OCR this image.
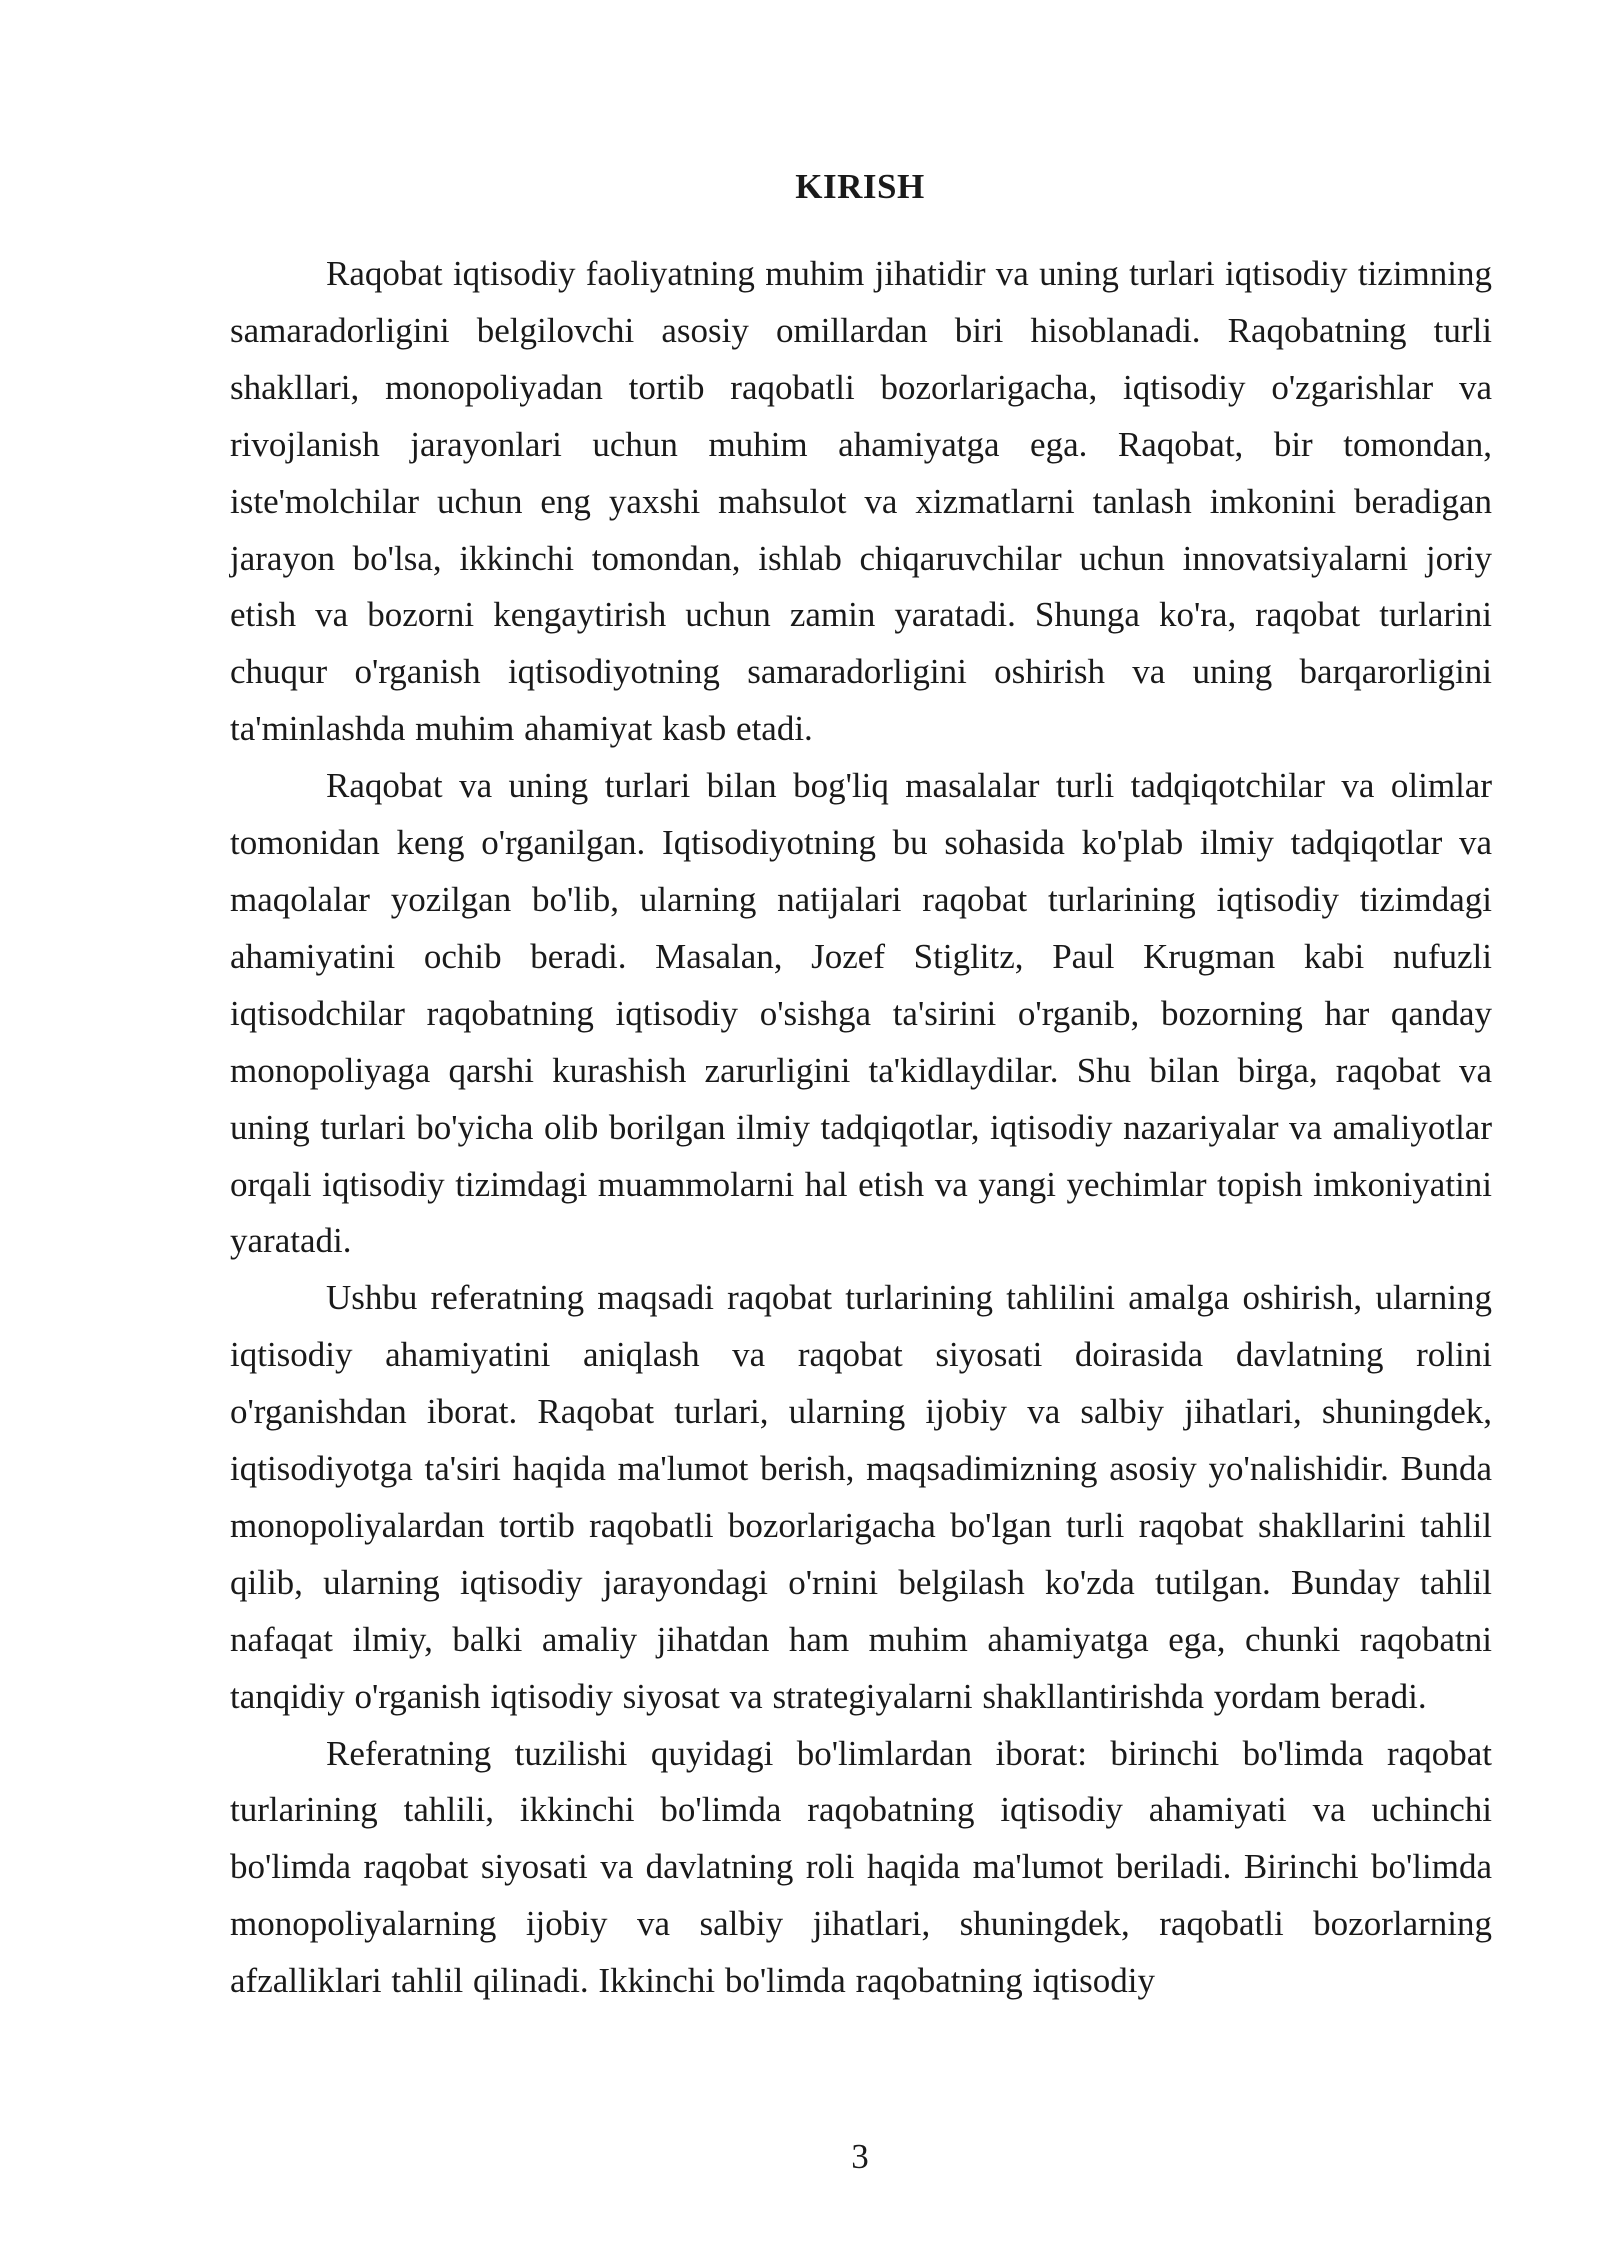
KIRISH

Raqobat iqtisodiy faoliyatning muhim jihatidir va uning turlari iqtisodiy tizimning samaradorligini belgilovchi asosiy omillardan biri hisoblanadi. Raqobatning turli shakllari, monopoliyadan tortib raqobatli bozorlarigacha, iqtisodiy o'zgarishlar va rivojlanish jarayonlari uchun muhim ahamiyatga ega. Raqobat, bir tomondan, iste'molchilar uchun eng yaxshi mahsulot va xizmatlarni tanlash imkonini beradigan jarayon bo'lsa, ikkinchi tomondan, ishlab chiqaruvchilar uchun innovatsiyalarni joriy etish va bozorni kengaytirish uchun zamin yaratadi. Shunga ko'ra, raqobat turlarini chuqur o'rganish iqtisodiyotning samaradorligini oshirish va uning barqarorligini ta'minlashda muhim ahamiyat kasb etadi.

Raqobat va uning turlari bilan bog'liq masalalar turli tadqiqotchilar va olimlar tomonidan keng o'rganilgan. Iqtisodiyotning bu sohasida ko'plab ilmiy tadqiqotlar va maqolalar yozilgan bo'lib, ularning natijalari raqobat turlarining iqtisodiy tizimdagi ahamiyatini ochib beradi. Masalan, Jozef Stiglitz, Paul Krugman kabi nufuzli iqtisodchilar raqobatning iqtisodiy o'sishga ta'sirini o'rganib, bozorning har qanday monopoliyaga qarshi kurashish zarurligini ta'kidlaydilar. Shu bilan birga, raqobat va uning turlari bo'yicha olib borilgan ilmiy tadqiqotlar, iqtisodiy nazariyalar va amaliyotlar orqali iqtisodiy tizimdagi muammolarni hal etish va yangi yechimlar topish imkoniyatini yaratadi.

Ushbu referatning maqsadi raqobat turlarining tahlilini amalga oshirish, ularning iqtisodiy ahamiyatini aniqlash va raqobat siyosati doirasida davlatning rolini o'rganishdan iborat. Raqobat turlari, ularning ijobiy va salbiy jihatlari, shuningdek, iqtisodiyotga ta'siri haqida ma'lumot berish, maqsadimizning asosiy yo'nalishidir. Bunda monopoliyalardan tortib raqobatli bozorlarigacha bo'lgan turli raqobat shakllarini tahlil qilib, ularning iqtisodiy jarayondagi o'rnini belgilash ko'zda tutilgan. Bunday tahlil nafaqat ilmiy, balki amaliy jihatdan ham muhim ahamiyatga ega, chunki raqobatni tanqidiy o'rganish iqtisodiy siyosat va strategiyalarni shakllantirishda yordam beradi.

Referatning tuzilishi quyidagi bo'limlardan iborat: birinchi bo'limda raqobat turlarining tahlili, ikkinchi bo'limda raqobatning iqtisodiy ahamiyati va uchinchi bo'limda raqobat siyosati va davlatning roli haqida ma'lumot beriladi. Birinchi bo'limda monopoliyalarning ijobiy va salbiy jihatlari, shuningdek, raqobatli bozorlarning afzalliklari tahlil qilinadi. Ikkinchi bo'limda raqobatning iqtisodiy

3
